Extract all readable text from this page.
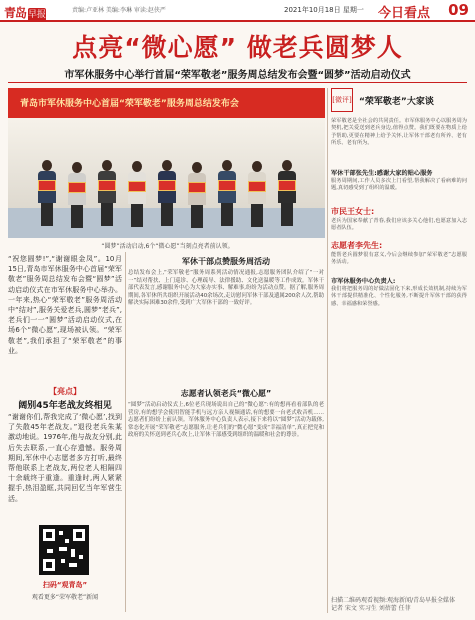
青岛 早报	责编:卢亚林 美编:李琳 审读:赵侠严	2021年10月18日 星期一 今日看点 09
点亮“微心愿” 做老兵圆梦人
市军休服务中心举行首届“荣军敬老”服务周总结发布会暨“圆梦”活动启动仪式
青岛市军休服务中心首届“荣军敬老”服务周总结发布会
“圆梦”活动启动,6个“微心愿”当刻点亮者前认领。
[微评] “荣军敬老”大家谈
荣军敬老是全社会的共同责任。市军休服务中心以服务周为契机,把关爱送到老兵身边,值得点赞。我们既要在物质上给予帮助,更要在精神上给予关怀,让军休干部老有所养、老有所乐、老有所为。
军休干部张先生:感谢大家的贴心服务
服务周期间,工作人员多次上门看望,帮我解决了看病难的问题,真切感受到了组织的温暖。
市民王女士:
老兵为国家奉献了青春,我们应该多关心他们,也愿意加入志愿者队伍。
志愿者李先生:
能帮老兵圆梦很有意义,今后会继续参加“荣军敬老”志愿服务活动。
市军休服务中心负责人:
我们将把服务周的好做法固化下来,形成长效机制,持续为军休干部提供精准化、个性化服务,不断提升军休干部的获得感、幸福感和荣誉感。
扫描二维码观看视频:观海新闻/青岛早报全媒体
记者 宋文 实习生 刘蓓蕾 任菲
“祝您圆梦!”,“谢谢眼金凤”。10月15日,青岛市军休服务中心首届“荣军敬老”服务周总结发布会暨“圆梦”活动启动仪式在市军休服务中心举办。一年来,热心“荣军敬老”服务周活动中“结对”,服务关爱老兵,圆梦“老兵”,老兵们一一“圆梦”活动启动仪式,在场6个“微心愿”,现场被认领。“荣军敬老”,我们承担了“荣军敬老”的事业。
【亮点】
阔别45年老战友终相见
“谢谢你们,帮我完成了‘微心愿’,找到了失散45年老战友。”退役老兵朱某激动地说。1976年,他与战友分别,此后失去联系,一直心存遗憾。服务周期间,军休中心志愿者多方打听,最终帮他联系上老战友,两位老人相隔四十余载终于重逢。重逢时,两人紧紧握手,热泪盈眶,共同回忆当年军营生活。
扫码“观青岛”
观看更多“荣军敬老”新闻
军休干部点赞服务周活动
总结发布会上,“荣军敬老”服务周系列活动情况通报,志愿服务团队介绍了“一对一”结对帮扶、上门巡诊、心理疏导、法律援助、文化送温暖等工作成效。军休干部代表发言,感谢服务中心为大家办实事、解难事,纷纷为活动点赞。据了解,服务周期间,各军休所共组织开展活动40余场次,走访慰问军休干部及遗属200余人次,帮助解决实际困难30余件,受到广大军休干部的一致好评。
志愿者认领老兵“微心愿”
“圆梦”活动启动仪式上,6位老兵现场说出自己的“微心愿”:有的想再看看部队的老营房,有的想学会使用智能手机与远方亲人视频通话,有的想要一台老式收音机……志愿者们纷纷上前认领。军休服务中心负责人表示,接下来将以“圆梦”活动为载体,常态化开展“荣军敬老”志愿服务,让老兵们的“微心愿”变成“幸福清单”,真正把党和政府的关怀送到老兵心坎上,让军休干部感受到组织的温暖和社会的尊崇。
